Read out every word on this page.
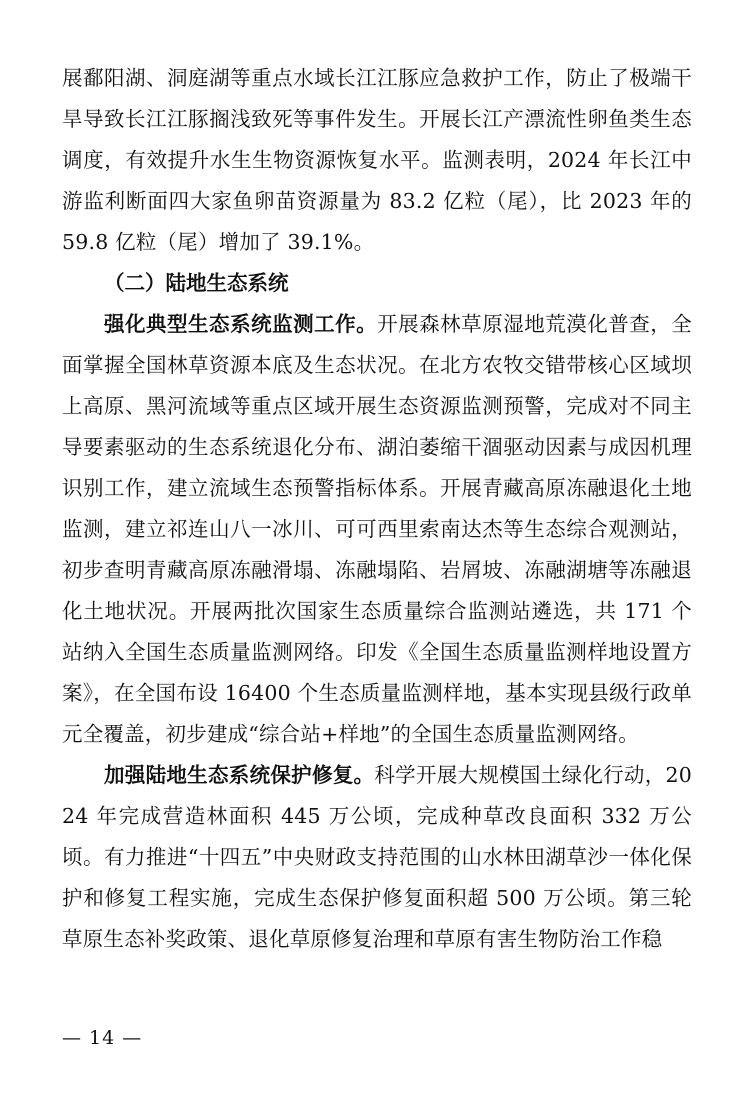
展鄱阳湖、洞庭湖等重点水域长江江豚应急救护工作，防止了极端干旱导致长江江豚搁浅致死等事件发生。开展长江产漂流性卵鱼类生态调度，有效提升水生生物资源恢复水平。监测表明，2024 年长江中游监利断面四大家鱼卵苗资源量为 83.2 亿粒（尾），比 2023 年的 59.8 亿粒（尾）增加了 39.1%。

（二）陆地生态系统

强化典型生态系统监测工作。开展森林草原湿地荒漠化普查，全面掌握全国林草资源本底及生态状况。在北方农牧交错带核心区域坝上高原、黑河流域等重点区域开展生态资源监测预警，完成对不同主导要素驱动的生态系统退化分布、湖泊萎缩干涸驱动因素与成因机理识别工作，建立流域生态预警指标体系。开展青藏高原冻融退化土地监测，建立祁连山八一冰川、可可西里索南达杰等生态综合观测站，初步查明青藏高原冻融滑塌、冻融塌陷、岩屑坡、冻融湖塘等冻融退化土地状况。开展两批次国家生态质量综合监测站遴选，共 171 个站纳入全国生态质量监测网络。印发《全国生态质量监测样地设置方案》，在全国布设 16400 个生态质量监测样地，基本实现县级行政单元全覆盖，初步建成“综合站+样地”的全国生态质量监测网络。

加强陆地生态系统保护修复。科学开展大规模国土绿化行动，2024 年完成营造林面积 445 万公顷，完成种草改良面积 332 万公顷。有力推进“十四五”中央财政支持范围的山水林田湖草沙一体化保护和修复工程实施，完成生态保护修复面积超 500 万公顷。第三轮草原生态补奖政策、退化草原修复治理和草原有害生物防治工作稳

— 14 —
